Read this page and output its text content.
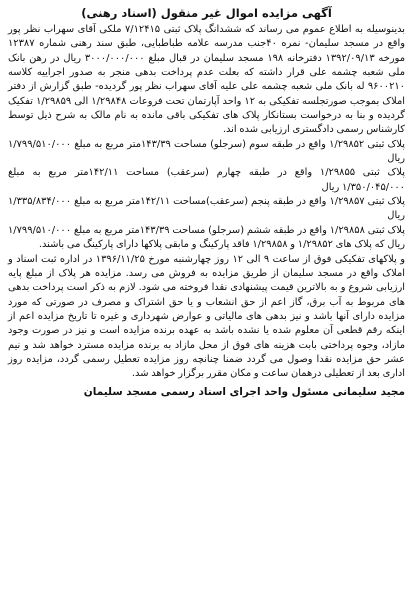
آگهی مزایده اموال غیر منقول (اسناد رهنی)

بدینوسیله به اطلاع عموم می رساند که ششدانگ پلاک ثبتی ۷/۱۲۴۱۵ ملکی آقای سهراب نظر پور واقع در مسجد سلیمان- نمره ۴۰جنب مدرسه علامه طباطبایی، طبق سند رهنی شماره ۱۲۳۸۷ مورخه ۱۳۹۲/۰۹/۱۳ دفترخانه ۱۹۸ مسجد سلیمان در قبال مبلغ ۳۰۰۰/۰۰۰/۰۰۰ ریال در رهن بانک ملی شعبه چشمه علی قرار داشته که بعلت عدم پرداخت بدهی منجر به صدور اجراییه کلاسه ۹۶۰۰۲۱۰ له بانک ملی شعبه چشمه علی علیه آقای سهراب نظر پور گردیده- طبق گزارش از دفتر املاک بموجب صورتجلسه تفکیکی به ۱۲ واحد آپارتمان تحت فروعات ۱/۲۹۸۴۸ الی ۱/۲۹۸۵۹ تفکیک گردیده و بنا به درخواست بستانکار پلاک های تفکیکی باقی مانده به نام مالک به شرح ذیل توسط کارشناس رسمی دادگستری ارزیابی شده اند.

پلاک ثبتی ۱/۲۹۸۵۲ واقع در طبقه سوم (سرجلو) مساحت ۱۴۳/۳۹متر مربع به مبلغ ۱/۷۹۹/۵۱۰/۰۰۰ ریال

پلاک ثبتی ۱/۲۹۸۵۵ واقع در طبقه چهارم (سرعقب) مساحت ۱۴۲/۱۱متر مربع به مبلغ ۱/۳۵۰/۰۴۵/۰۰۰ ریال

پلاک ثبتی ۱/۲۹۸۵۷ واقع در طبقه پنجم (سرعقب)مساحت ۱۴۲/۱۱متر مربع به مبلغ ۱/۳۳۵/۸۳۴/۰۰۰ ریال

پلاک ثبتی ۱/۲۹۸۵۸ واقع در طبقه ششم (سرجلو) مساحت ۱۴۳/۳۹متر مربع به مبلغ ۱/۷۹۹/۵۱۰/۰۰۰ ریال که پلاک های ۱/۲۹۸۵۲ و ۱/۲۹۸۵۸ فاقد پارکینگ و مابقی پلاکها دارای پارکینگ می باشند.

و پلاکهای تفکیکی فوق از ساعت ۹ الی ۱۲ روز چهارشنبه مورخ ۱۳۹۶/۱۱/۲۵ در اداره ثبت اسناد و املاک واقع در مسجد سلیمان از طریق مزایده به فروش می رسد. مزایده هر پلاک از مبلغ پایه ارزیابی شروع و به بالاترین قیمت پیشنهادی نقدا فروخته می شود. لازم به ذکر است پرداخت بدهی های مربوط به آب برق، گاز اعم از حق انشعاب و یا حق اشتراک و مصرف در صورتی که مورد مزایده دارای آنها باشد و نیز بدهی های مالیاتی و عوارض شهرداری و غیره تا تاریخ مزایده اعم از اینکه رقم قطعی آن معلوم شده یا نشده باشد به عهده برنده مزایده است و نیز در صورت وجود مازاد، وجوه پرداختی بابت هزینه های فوق از محل مازاد به برنده مزایده مسترد خواهد شد و نیم عشر حق مزایده نقدا وصول می گردد ضمنا چنانچه روز مزایده تعطیل رسمی گردد، مزایده روز اداری بعد از تعطیلی درهمان ساعت و مکان مقرر برگزار خواهد شد.

مجید سلیمانی مسئول واحد اجرای اسناد رسمی مسجد سلیمان
